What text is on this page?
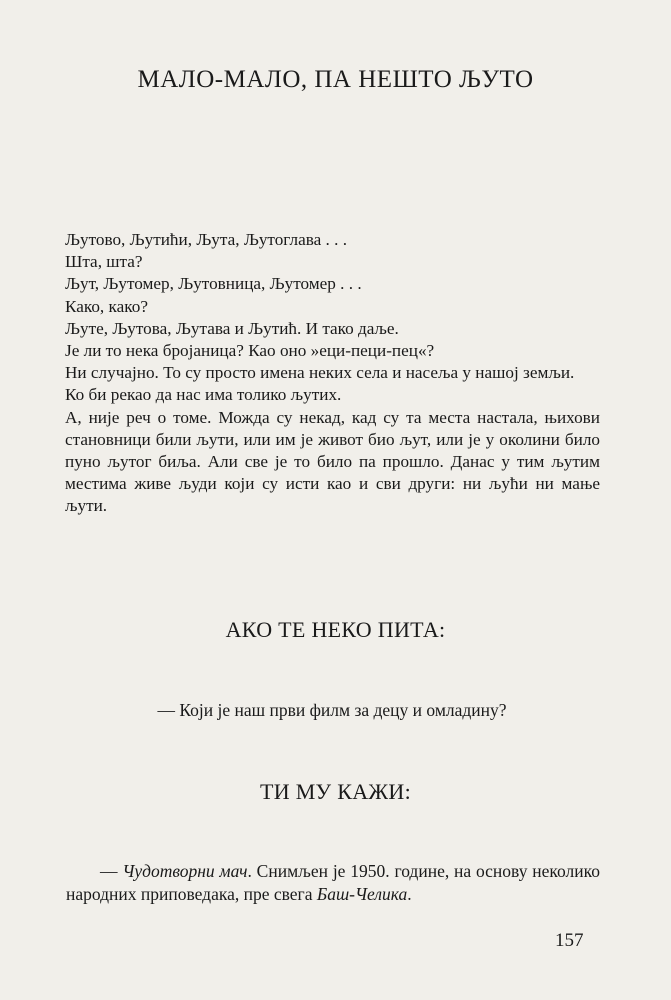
МАЛО-МАЛО, ПА НЕШТО ЉУТО

Љутово, Љутићи, Љута, Љутоглава . . .

Шта, шта?

Љут, Љутомер, Љутовница, Љутомер . . .

Како, како?

Љуте, Љутова, Љутава и Љутић. И тако даље.

Је ли то нека бројаница? Као оно »еци-пеци-пец«?

Ни случајно. То су просто имена неких села и насеља у нашој земљи.

Ко би рекао да нас има толико љутих.

А, није реч о томе. Можда су некад, кад су та места настала, њихови становници били љути, или им је живот био љут, или је у околини било пуно љутог биља. Али све је то било па прошло. Данас у тим љутим местима живе људи који су исти као и сви други: ни љући ни мање љути.

АКО ТЕ НЕКО ПИТА:
— Који је наш први филм за децу и омладину?
ТИ МУ КАЖИ:

— Чудотворни мач. Снимљен је 1950. године, на основу неколико народних приповедака, пре свега Баш-Челика.

157
